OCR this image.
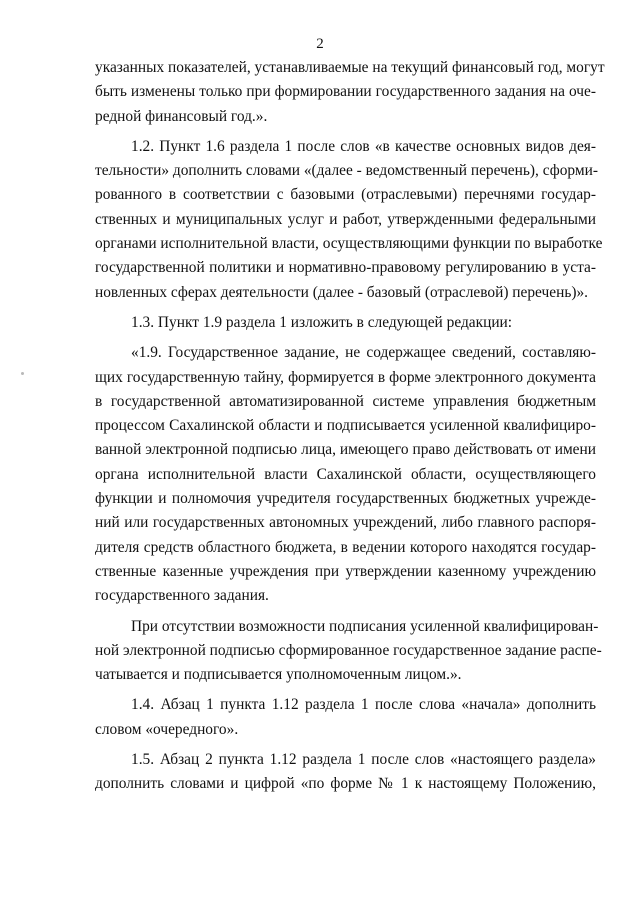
2

указанных показателей, устанавливаемые на текущий финансовый год, могут
быть изменены только при формировании государственного задания на оче-
редной финансовый год.».

1.2. Пункт 1.6 раздела 1 после слов «в качестве основных видов дея-
тельности» дополнить словами «(далее - ведомственный перечень), сформи-
рованного в соответствии с базовыми (отраслевыми) перечнями государ-
ственных и муниципальных услуг и работ, утвержденными федеральными
органами исполнительной власти, осуществляющими функции по выработке
государственной политики и нормативно-правовому регулированию в уста-
новленных сферах деятельности (далее - базовый (отраслевой) перечень)».

1.3. Пункт 1.9 раздела 1 изложить в следующей редакции:

«1.9. Государственное задание, не содержащее сведений, составляю-
щих государственную тайну, формируется в форме электронного документа
в государственной автоматизированной системе управления бюджетным
процессом Сахалинской области и подписывается усиленной квалифициро-
ванной электронной подписью лица, имеющего право действовать от имени
органа исполнительной власти Сахалинской области, осуществляющего
функции и полномочия учредителя государственных бюджетных учрежде-
ний или государственных автономных учреждений, либо главного распоря-
дителя средств областного бюджета, в ведении которого находятся государ-
ственные казенные учреждения при утверждении казенному учреждению
государственного задания.

При отсутствии возможности подписания усиленной квалифицирован-
ной электронной подписью сформированное государственное задание распе-
чатывается и подписывается уполномоченным лицом.».

1.4. Абзац 1 пункта 1.12 раздела 1 после слова «начала» дополнить
словом «очередного».

1.5. Абзац 2 пункта 1.12 раздела 1 после слов «настоящего раздела»
дополнить словами и цифрой «по форме № 1 к настоящему Положению,
